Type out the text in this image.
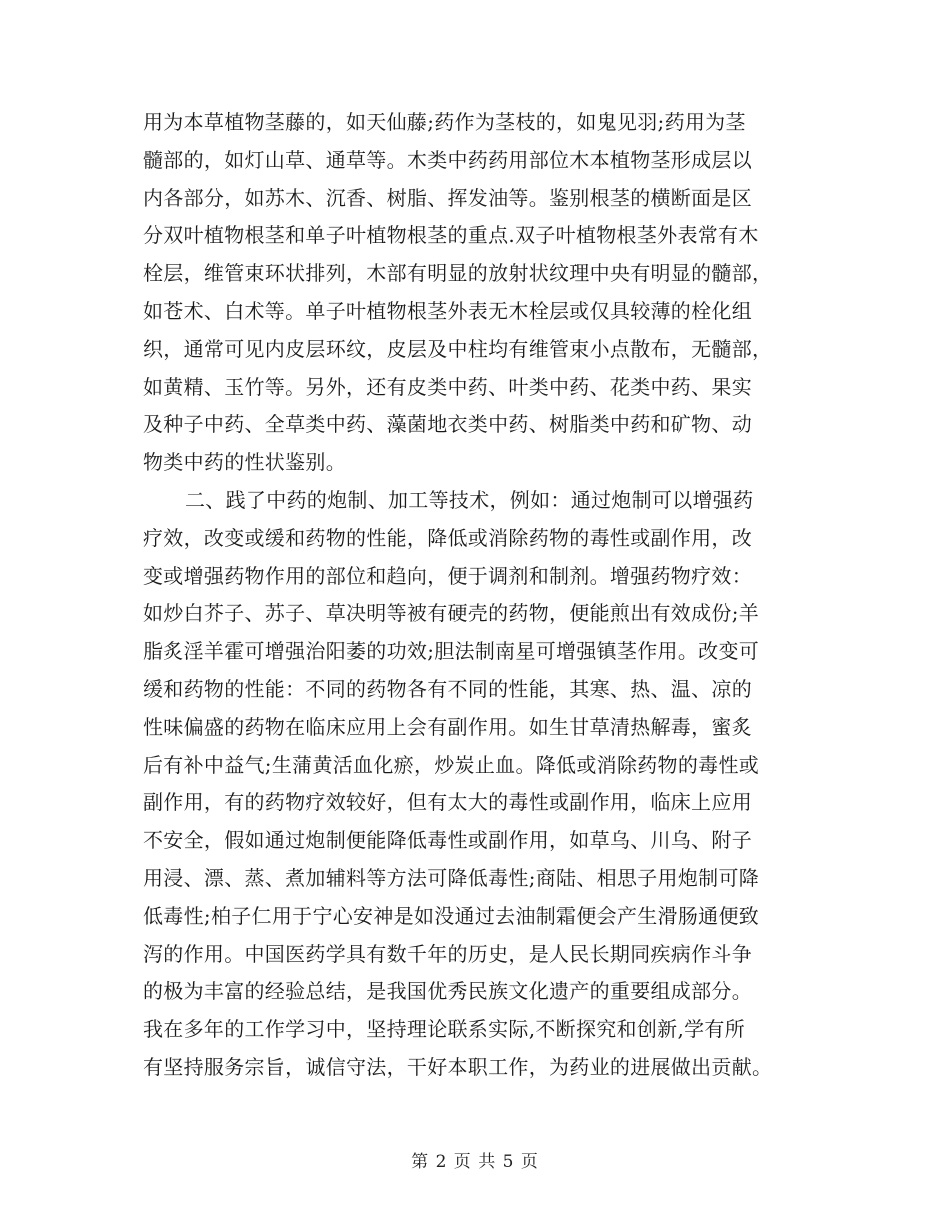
用为本草植物茎藤的，如天仙藤;药作为茎枝的，如鬼见羽;药用为茎
髓部的，如灯山草、通草等。木类中药药用部位木本植物茎形成层以
内各部分，如苏木、沉香、树脂、挥发油等。鉴别根茎的横断面是区
分双叶植物根茎和单子叶植物根茎的重点.双子叶植物根茎外表常有木
栓层，维管束环状排列，木部有明显的放射状纹理中央有明显的髓部，
如苍术、白术等。单子叶植物根茎外表无木栓层或仅具较薄的栓化组
织，通常可见内皮层环纹，皮层及中柱均有维管束小点散布，无髓部，
如黄精、玉竹等。另外，还有皮类中药、叶类中药、花类中药、果实
及种子中药、全草类中药、藻菌地衣类中药、树脂类中药和矿物、动
物类中药的性状鉴别。
二、践了中药的炮制、加工等技术，例如：通过炮制可以增强药
疗效，改变或缓和药物的性能，降低或消除药物的毒性或副作用，改
变或增强药物作用的部位和趋向，便于调剂和制剂。增强药物疗效：
如炒白芥子、苏子、草决明等被有硬壳的药物，便能煎出有效成份;羊
脂炙淫羊霍可增强治阳萎的功效;胆法制南星可增强镇茎作用。改变可
缓和药物的性能：不同的药物各有不同的性能，其寒、热、温、凉的
性味偏盛的药物在临床应用上会有副作用。如生甘草清热解毒，蜜炙
后有补中益气;生蒲黄活血化瘀，炒炭止血。降低或消除药物的毒性或
副作用，有的药物疗效较好，但有太大的毒性或副作用，临床上应用
不安全，假如通过炮制便能降低毒性或副作用，如草乌、川乌、附子
用浸、漂、蒸、煮加辅料等方法可降低毒性;商陆、相思子用炮制可降
低毒性;柏子仁用于宁心安神是如没通过去油制霜便会产生滑肠通便致
泻的作用。中国医药学具有数千年的历史，是人民长期同疾病作斗争
的极为丰富的经验总结，是我国优秀民族文化遗产的重要组成部分。
我在多年的工作学习中，坚持理论联系实际,不断探究和创新,学有所
有坚持服务宗旨，诚信守法，干好本职工作，为药业的进展做出贡献。
第 2 页 共 5 页
